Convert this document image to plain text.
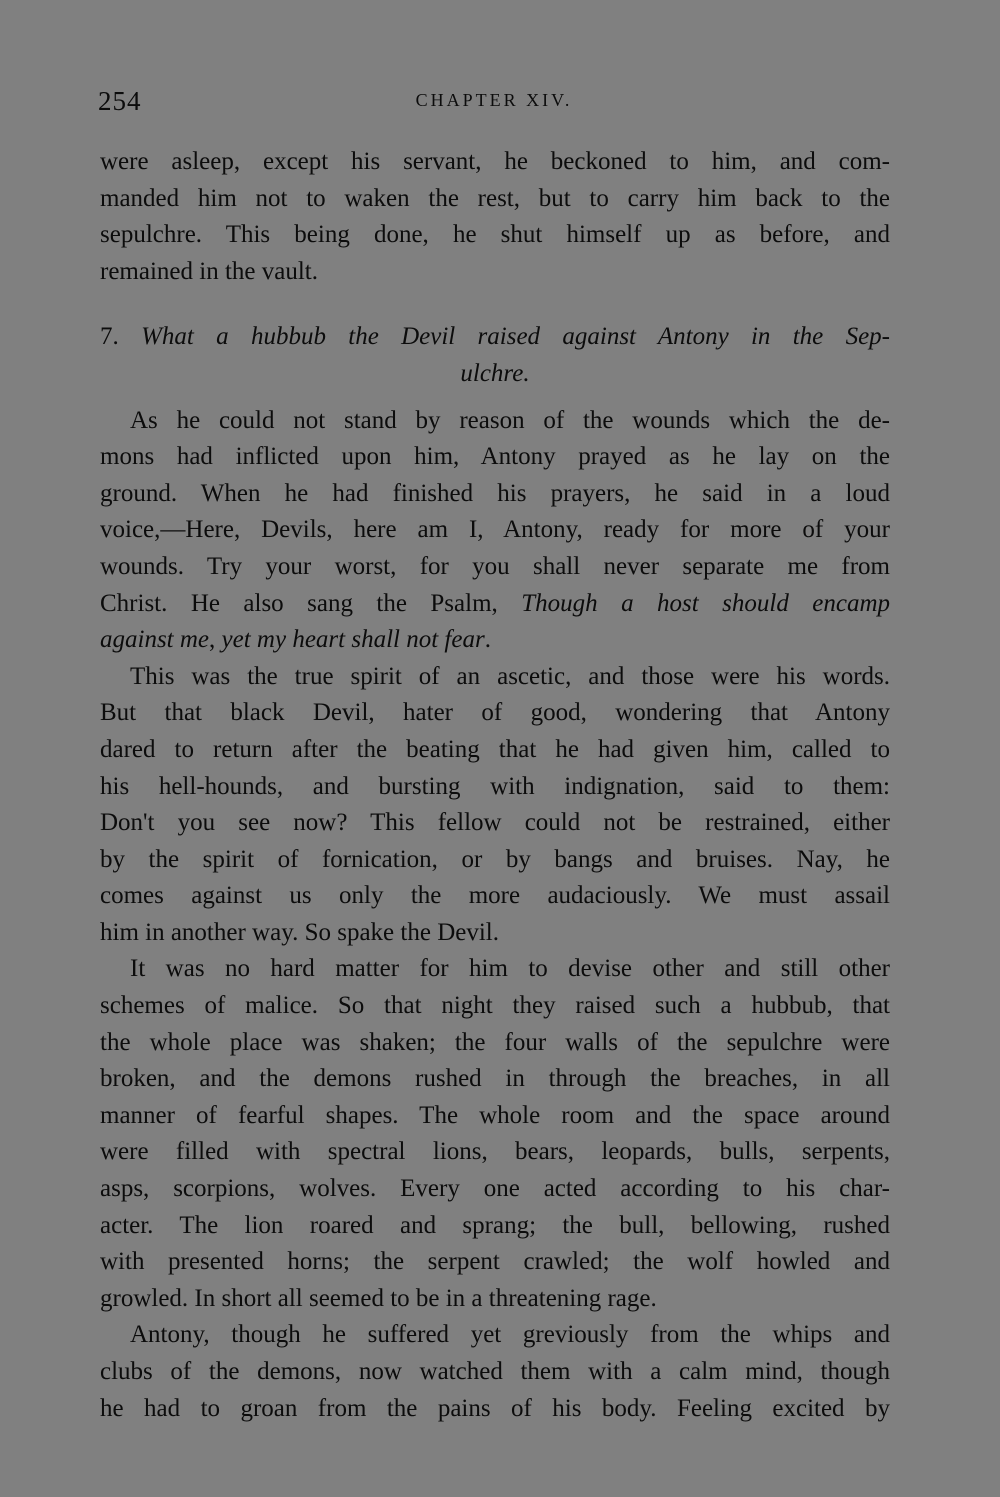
254	CHAPTER XIV.
were asleep, except his servant, he beckoned to him, and com-
manded him not to waken the rest, but to carry him back to the
sepulchre. This being done, he shut himself up as before, and
remained in the vault.
7. What a hubbub the Devil raised against Antony in the Sep-
ulchre.
As he could not stand by reason of the wounds which the de-
mons had inflicted upon him, Antony prayed as he lay on the
ground. When he had finished his prayers, he said in a loud
voice,—Here, Devils, here am I, Antony, ready for more of your
wounds. Try your worst, for you shall never separate me from
Christ. He also sang the Psalm, Though a host should encamp
against me, yet my heart shall not fear.
This was the true spirit of an ascetic, and those were his words.
But that black Devil, hater of good, wondering that Antony
dared to return after the beating that he had given him, called to
his hell-hounds, and bursting with indignation, said to them:
Don't you see now? This fellow could not be restrained, either
by the spirit of fornication, or by bangs and bruises. Nay, he
comes against us only the more audaciously. We must assail
him in another way. So spake the Devil.
It was no hard matter for him to devise other and still other
schemes of malice. So that night they raised such a hubbub, that
the whole place was shaken; the four walls of the sepulchre were
broken, and the demons rushed in through the breaches, in all
manner of fearful shapes. The whole room and the space around
were filled with spectral lions, bears, leopards, bulls, serpents,
asps, scorpions, wolves. Every one acted according to his char-
acter. The lion roared and sprang; the bull, bellowing, rushed
with presented horns; the serpent crawled; the wolf howled and
growled. In short all seemed to be in a threatening rage.
Antony, though he suffered yet greviously from the whips and
clubs of the demons, now watched them with a calm mind, though
he had to groan from the pains of his body. Feeling excited by
